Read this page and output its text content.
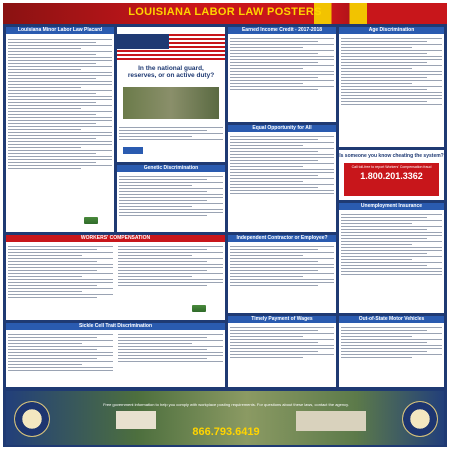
LOUISIANA LABOR LAW POSTERS
Louisiana Minor Labor Law Placard
In the national guard,
reserves, or on active duty?
Genetic Discrimination
Earned Income Credit - 2017-2018
Equal Opportunity for All
Age Discrimination
Is someone you know cheating the system?
Call toll-free to report Workers' Compensation fraud
1.800.201.3362
Unemployment Insurance
WORKERS' COMPENSATION	Independent Contractor or Employee?
Sickle Cell Trait Discrimination
Timely Payment of Wages	Out-of-State Motor Vehicles
Free government information to help you comply with workplace posting requirements. For questions about these laws, contact the agency.
866.793.6419
